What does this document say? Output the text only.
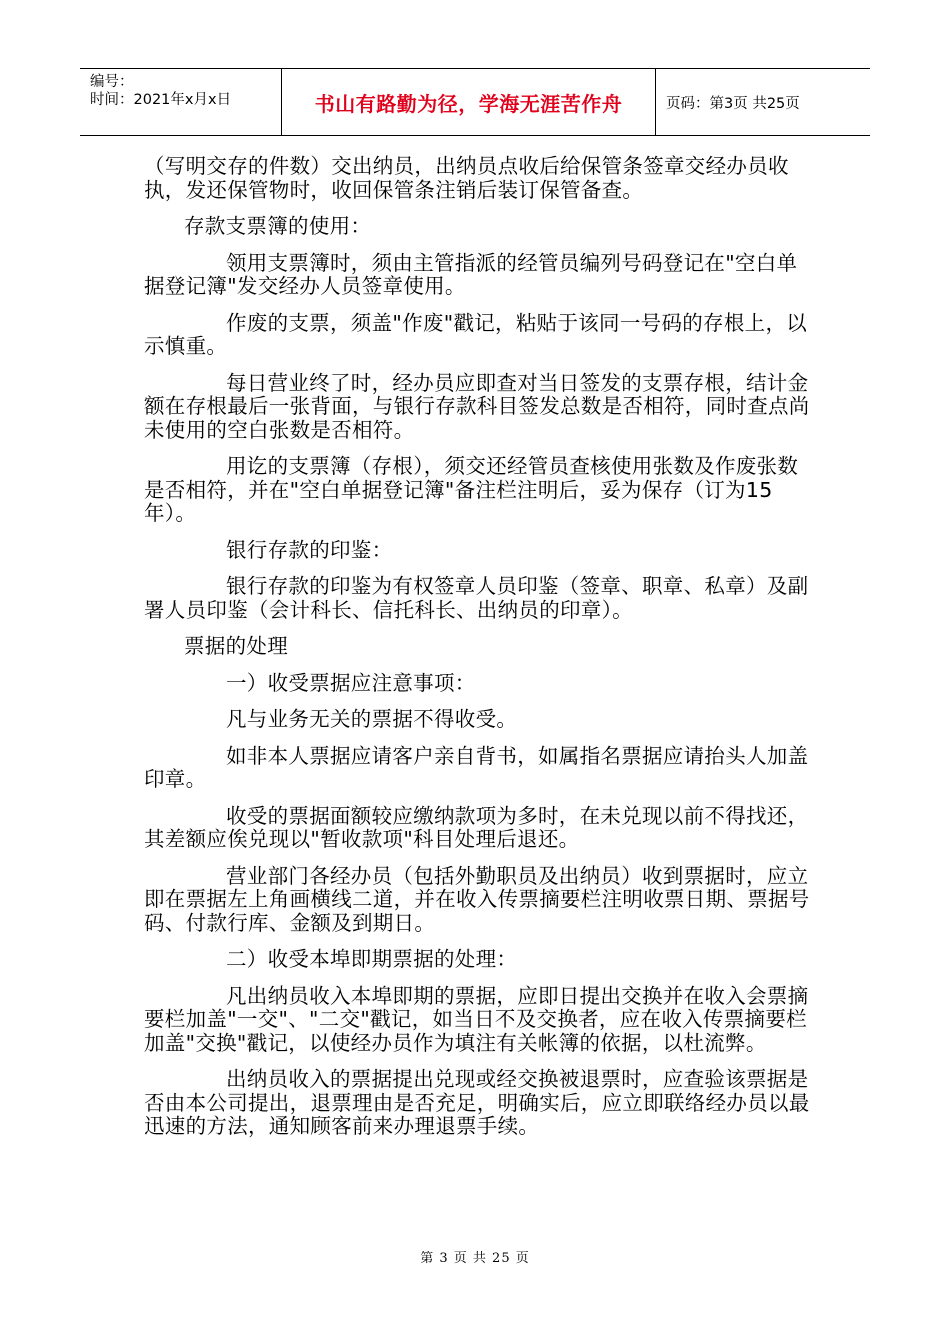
编号：
时间：2021年x月x日	书山有路勤为径，学海无涯苦作舟	页码：第3页 共25页

（写明交存的件数）交出纳员，出纳员点收后给保管条签章交经办员收执，发还保管物时，收回保管条注销后装订保管备查。

存款支票簿的使用：

领用支票簿时，须由主管指派的经管员编列号码登记在"空白单据登记簿"发交经办人员签章使用。

作废的支票，须盖"作废"戳记，粘贴于该同一号码的存根上，以示慎重。

每日营业终了时，经办员应即查对当日签发的支票存根，结计金额在存根最后一张背面，与银行存款科目签发总数是否相符，同时查点尚未使用的空白张数是否相符。

用讫的支票簿（存根），须交还经管员查核使用张数及作废张数是否相符，并在"空白单据登记簿"备注栏注明后，妥为保存（订为15年）。

银行存款的印鉴：

银行存款的印鉴为有权签章人员印鉴（签章、职章、私章）及副署人员印鉴（会计科长、信托科长、出纳员的印章）。

票据的处理

一）收受票据应注意事项：

凡与业务无关的票据不得收受。

如非本人票据应请客户亲自背书，如属指名票据应请抬头人加盖印章。

收受的票据面额较应缴纳款项为多时，在未兑现以前不得找还，其差额应俟兑现以"暂收款项"科目处理后退还。

营业部门各经办员（包括外勤职员及出纳员）收到票据时，应立即在票据左上角画横线二道，并在收入传票摘要栏注明收票日期、票据号码、付款行库、金额及到期日。

二）收受本埠即期票据的处理：

凡出纳员收入本埠即期的票据，应即日提出交换并在收入会票摘要栏加盖"一交"、"二交"戳记，如当日不及交换者，应在收入传票摘要栏加盖"交换"戳记，以使经办员作为填注有关帐簿的依据，以杜流弊。

出纳员收入的票据提出兑现或经交换被退票时，应查验该票据是否由本公司提出，退票理由是否充足，明确实后，应立即联络经办员以最迅速的方法，通知顾客前来办理退票手续。

第 3 页 共 25 页
